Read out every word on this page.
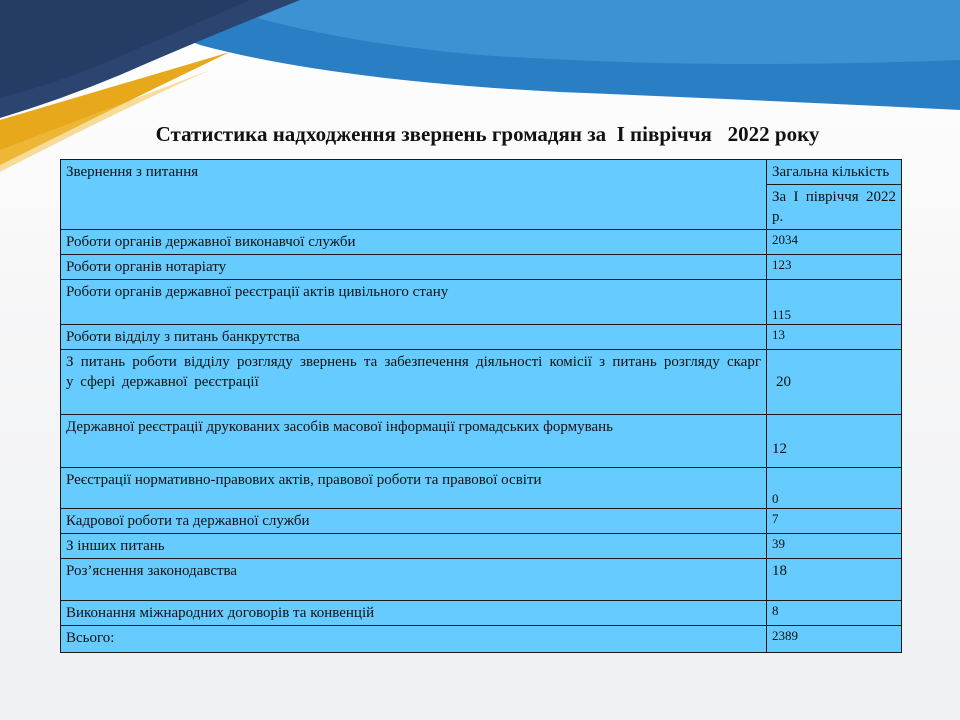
Статистика надходження звернень громадян за  І півріччя   2022 року
Звернення з питання	Загальна кількість
	За І півріччя 2022 р.
Роботи органів державної виконавчої служби	2034
Роботи органів нотаріату	123
Роботи органів державної реєстрації актів цивільного стану	115
Роботи відділу з питань банкрутства	13
З питань роботи відділу розгляду звернень та забезпечення діяльності комісії з питань розгляду скарг у сфері державної реєстрації	20
Державної реєстрації друкованих засобів масової інформації громадських формувань	12
Реєстрації нормативно-правових актів, правової роботи та правової освіти	0
Кадрової роботи та державної служби	7
З інших питань	39
Роз’яснення законодавства	18
Виконання міжнародних договорів та конвенцій	8
Всього:	2389
